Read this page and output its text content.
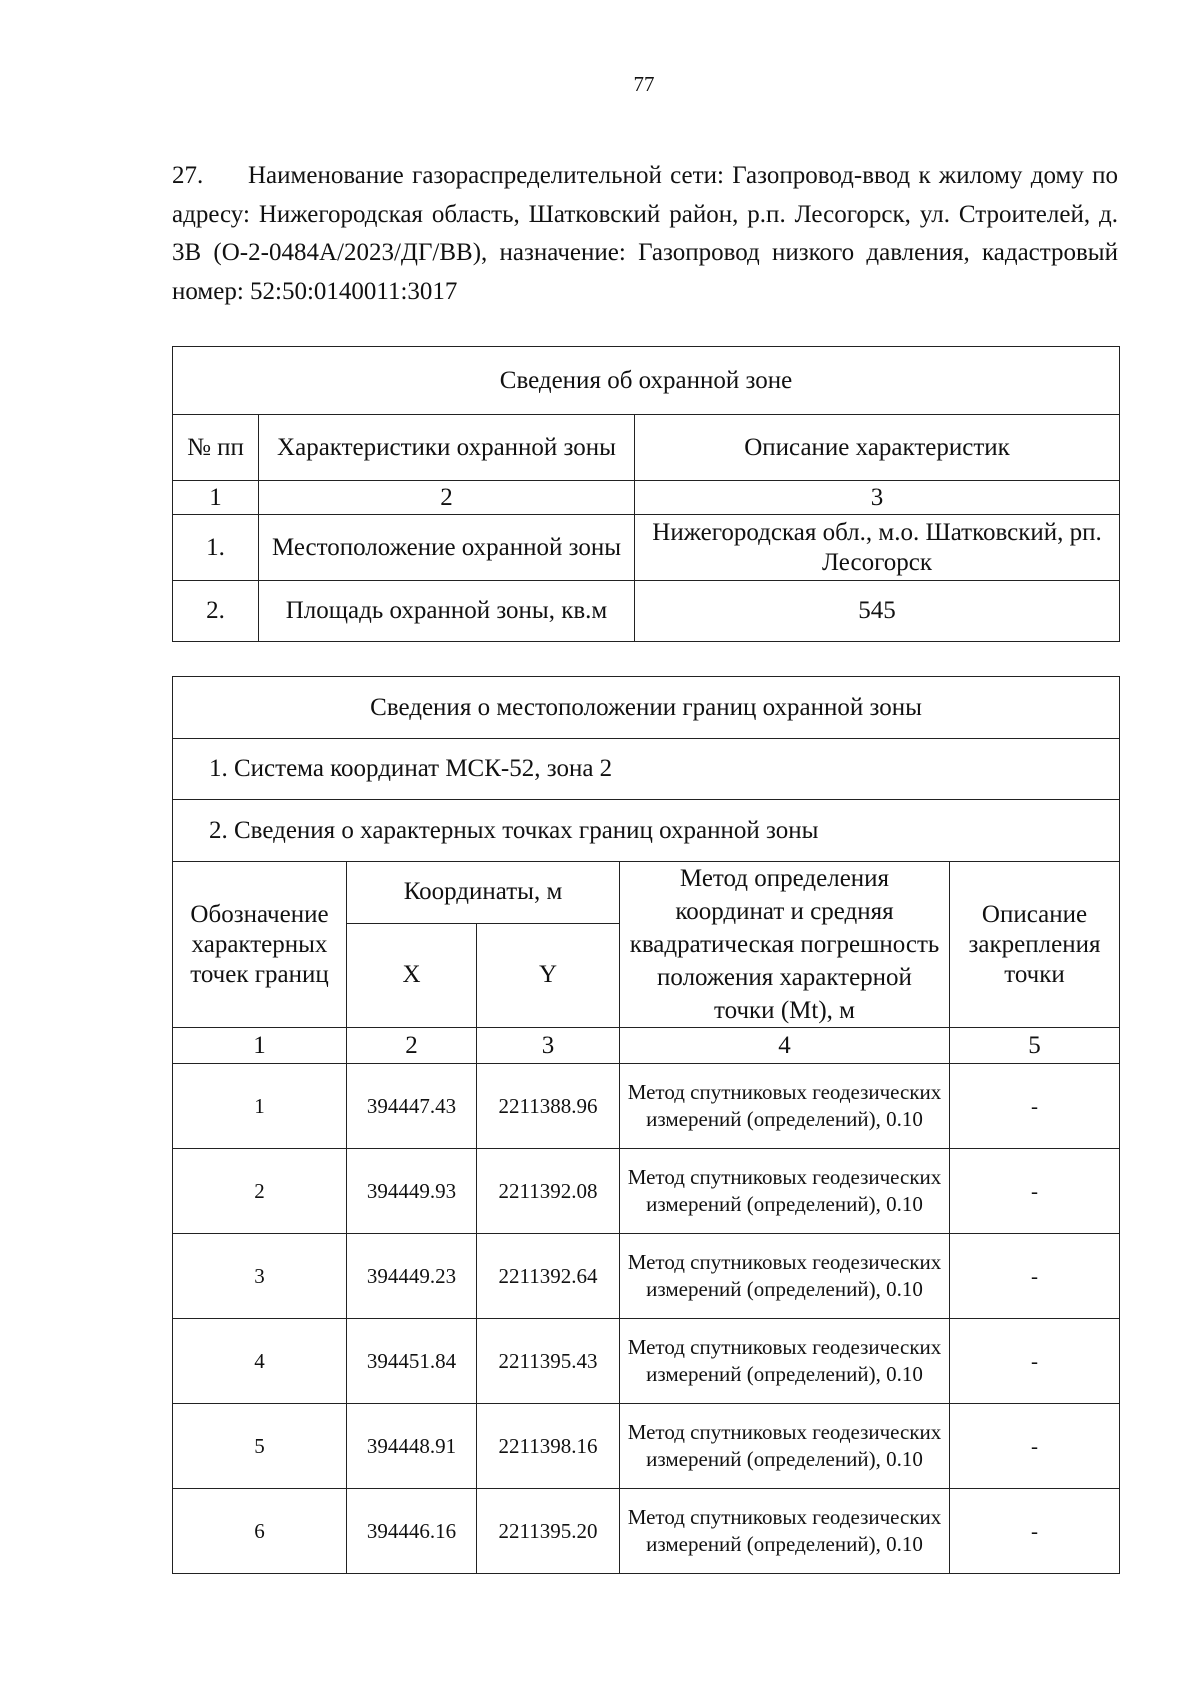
77
27. Наименование газораспределительной сети: Газопровод-ввод к жилому дому по адресу: Нижегородская область, Шатковский район, р.п. Лесогорск, ул. Строителей, д. 3В (О-2-0484А/2023/ДГ/ВВ), назначение: Газопровод низкого давления, кадастровый номер: 52:50:0140011:3017
Сведения об охранной зоне		
№ пп	Характеристики охранной зоны	Описание характеристик
1	2	3
1.	Местоположение охранной зоны	Нижегородская обл., м.о. Шатковский, рп. Лесогорск
2.	Площадь охранной зоны, кв.м	545
Сведения о местоположении границ охранной зоны				
1. Система координат МСК-52, зона 2				
2. Сведения о характерных точках границ охранной зоны				
Обозначение характерных точек границ	Координаты, м		Метод определения координат и средняя квадратическая погрешность положения характерной точки (Mt), м	Описание закрепления точки
	X	Y		
1	2	3	4	5
1	394447.43	2211388.96	Метод спутниковых геодезических измерений (определений), 0.10	-
2	394449.93	2211392.08	Метод спутниковых геодезических измерений (определений), 0.10	-
3	394449.23	2211392.64	Метод спутниковых геодезических измерений (определений), 0.10	-
4	394451.84	2211395.43	Метод спутниковых геодезических измерений (определений), 0.10	-
5	394448.91	2211398.16	Метод спутниковых геодезических измерений (определений), 0.10	-
6	394446.16	2211395.20	Метод спутниковых геодезических измерений (определений), 0.10	-
